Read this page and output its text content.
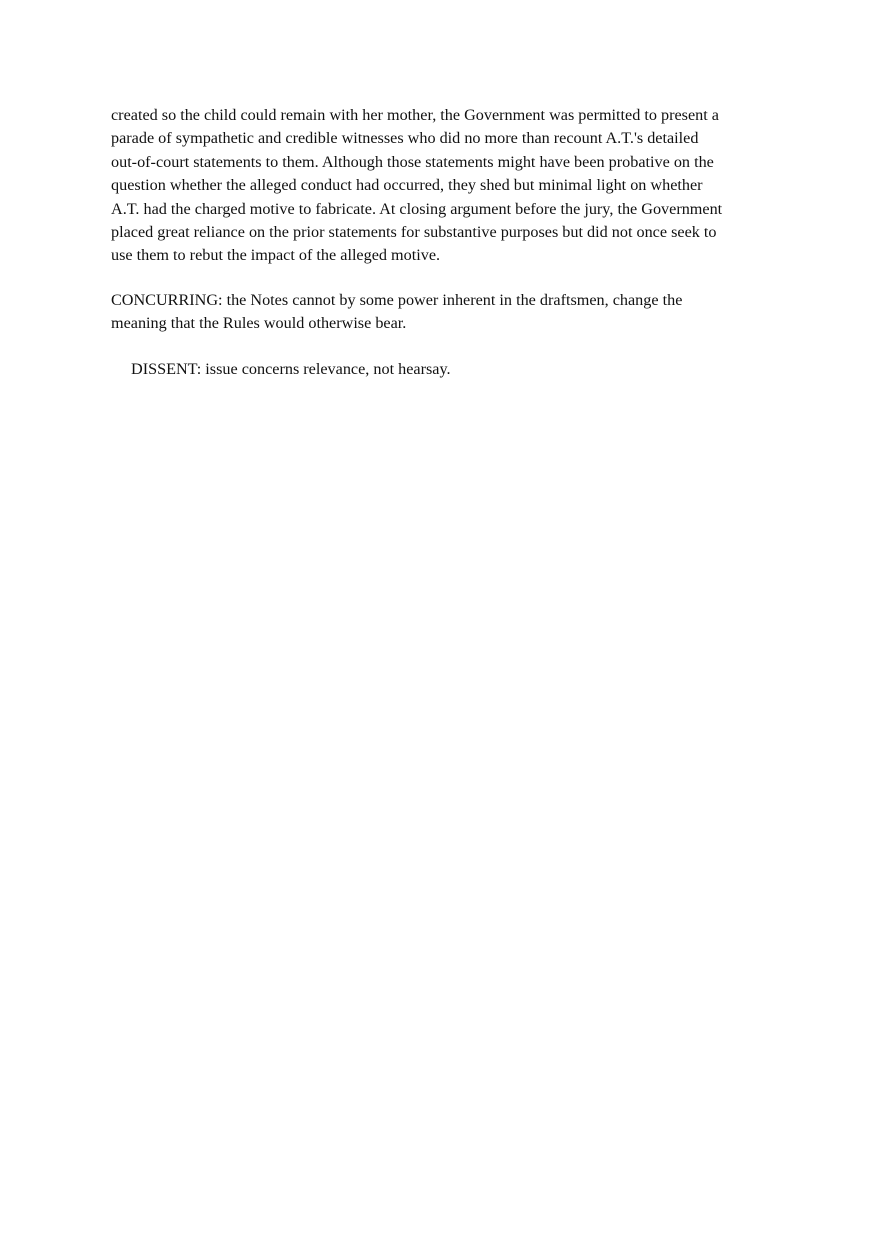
created so the child could remain with her mother, the Government was permitted to present a
parade of sympathetic and credible witnesses who did no more than recount A.T.'s detailed
out-of-court statements to them. Although those statements might have been probative on the
question whether the alleged conduct had occurred, they shed but minimal light on whether
A.T. had the charged motive to fabricate. At closing argument before the jury, the Government
placed great reliance on the prior statements for substantive purposes but did not once seek to
use them to rebut the impact of the alleged motive.
CONCURRING: the Notes cannot by some power inherent in the draftsmen, change the
meaning that the Rules would otherwise bear.
DISSENT: issue concerns relevance, not hearsay.
